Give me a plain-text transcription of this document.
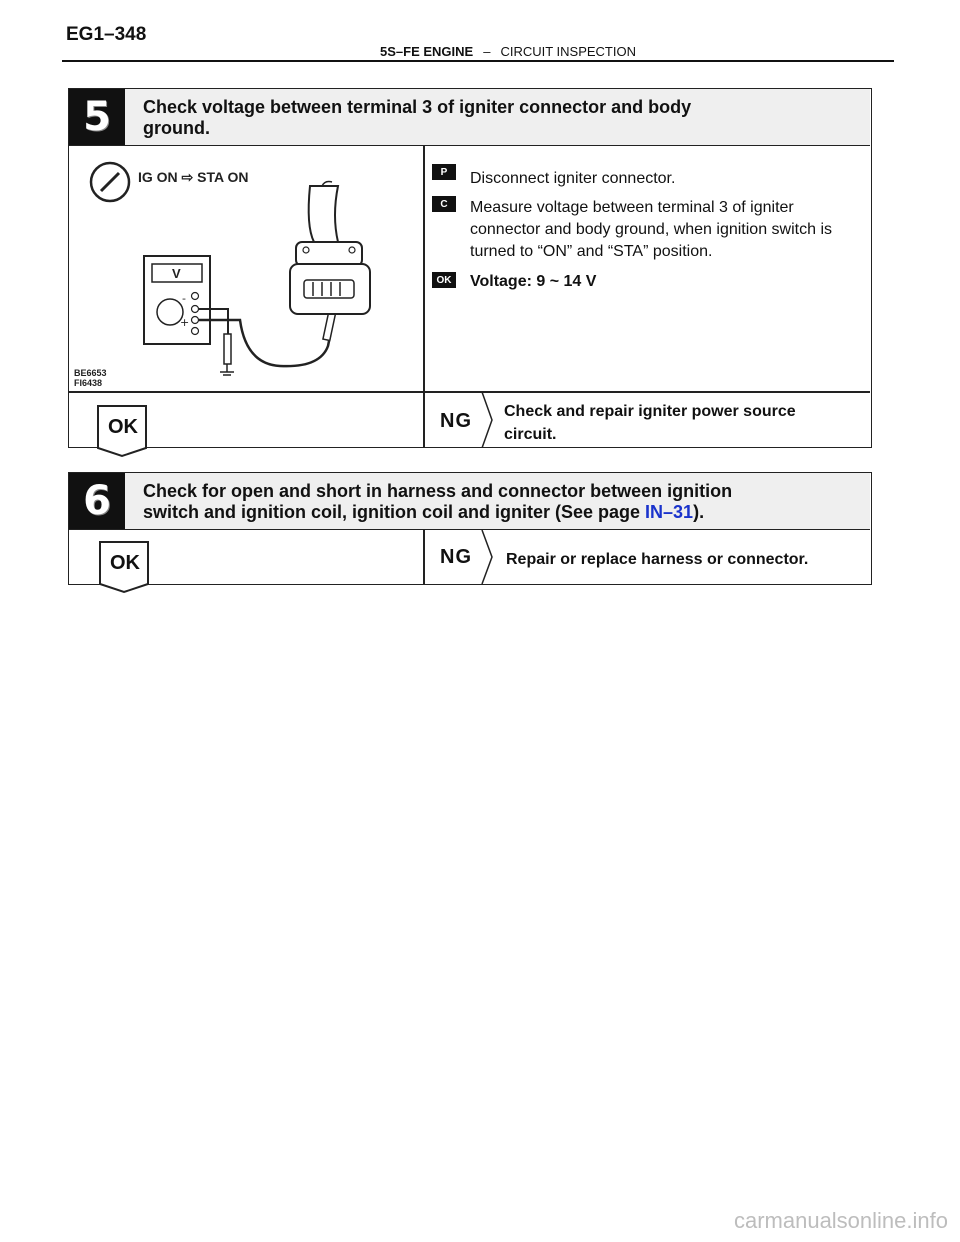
EG1–348
5S–FE ENGINE – CIRCUIT INSPECTION
5 Check voltage between terminal 3 of igniter connector and body ground.
IG ON ⇨ STA ON
V
-
+
BE6653
FI6438
P	Disconnect igniter connector.
C	Measure voltage between terminal 3 of igniter connector and body ground, when ignition switch is turned to “ON” and “STA” position.
OK Voltage: 9 ~ 14 V
OK	NG Check and repair igniter power source circuit.
6 Check for open and short in harness and connector between ignition switch and ignition coil, ignition coil and igniter (See page IN–31).
OK	NG Repair or replace harness or connector.
carmanualsonline.info
